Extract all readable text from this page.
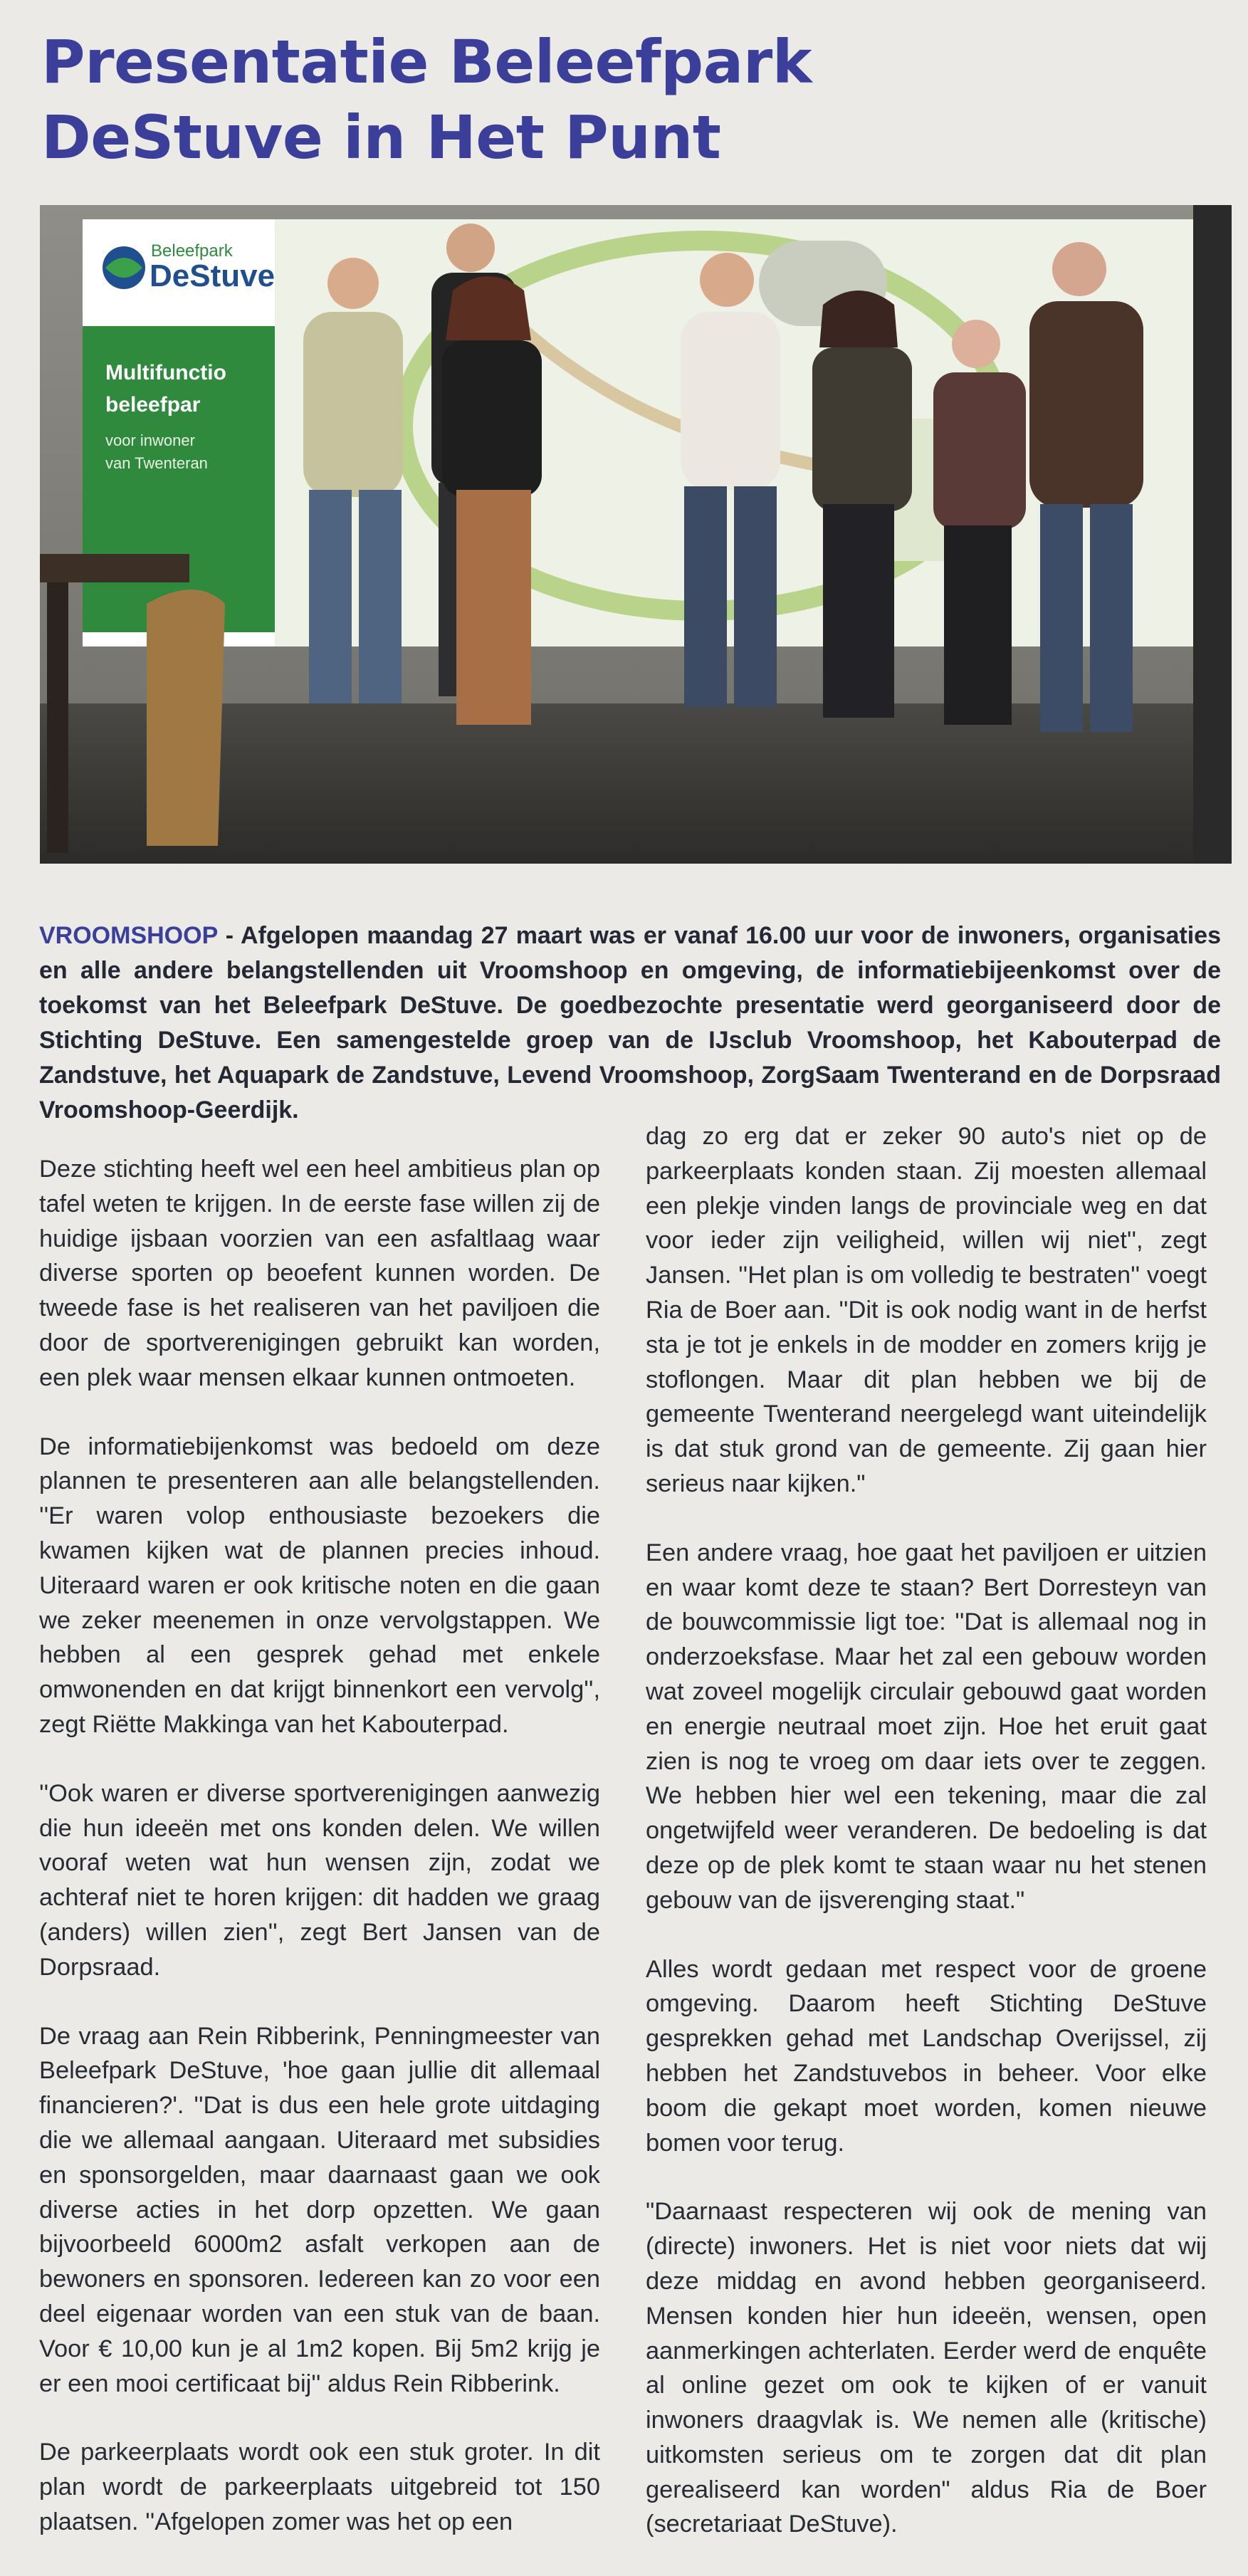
Presentatie Beleefpark DeStuve in Het Punt
Beleefpark
DeStuve
Multifunctio
beleefpar
voor inwoner
van Twenteran

VROOMSHOOP - Afgelopen maandag 27 maart was er vanaf 16.00 uur voor de inwoners, organisaties en alle andere belangstellenden uit Vroomshoop en omgeving, de informatiebijeenkomst over de toekomst van het Beleefpark DeStuve. De goedbezochte presentatie werd georganiseerd door de Stichting DeStuve. Een samengestelde groep van de IJsclub Vroomshoop, het Kabouterpad de Zandstuve, het Aquapark de Zandstuve, Levend Vroomshoop, ZorgSaam Twenterand en de Dorpsraad Vroomshoop-Geerdijk.

Deze stichting heeft wel een heel ambitieus plan op tafel weten te krijgen. In de eerste fase willen zij de huidige ijsbaan voorzien van een asfaltlaag waar diverse sporten op beoefent kunnen worden. De tweede fase is het realiseren van het paviljoen die door de sportverenigingen gebruikt kan worden, een plek waar mensen elkaar kunnen ontmoeten.

De informatiebijenkomst was bedoeld om deze plannen te presenteren aan alle belangstellenden. ''Er waren volop enthousiaste bezoekers die kwamen kijken wat de plannen precies inhoud. Uiteraard waren er ook kritische noten en die gaan we zeker meenemen in onze vervolgstappen. We hebben al een gesprek gehad met enkele omwonenden en dat krijgt binnenkort een vervolg'', zegt Riëtte Makkinga van het Kabouterpad.

''Ook waren er diverse sportverenigingen aanwezig die hun ideeën met ons konden delen. We willen vooraf weten wat hun wensen zijn, zodat we achteraf niet te horen krijgen: dit hadden we graag (anders) willen zien'', zegt Bert Jansen van de Dorpsraad.

De vraag aan Rein Ribberink, Penningmeester van Beleefpark DeStuve, 'hoe gaan jullie dit allemaal financieren?'. ''Dat is dus een hele grote uitdaging die we allemaal aangaan. Uiteraard met subsidies en sponsorgelden, maar daarnaast gaan we ook diverse acties in het dorp opzetten. We gaan bijvoorbeeld 6000m2 asfalt verkopen aan de bewoners en sponsoren. Iedereen kan zo voor een deel eigenaar worden van een stuk van de baan. Voor € 10,00 kun je al 1m2 kopen. Bij 5m2 krijg je er een mooi certificaat bij'' aldus Rein Ribberink.

De parkeerplaats wordt ook een stuk groter. In dit plan wordt de parkeerplaats uitgebreid tot 150 plaatsen. ''Afgelopen zomer was het op een

dag zo erg dat er zeker 90 auto's niet op de parkeerplaats konden staan. Zij moesten allemaal een plekje vinden langs de provinciale weg en dat voor ieder zijn veiligheid, willen wij niet'', zegt Jansen. ''Het plan is om volledig te bestraten'' voegt Ria de Boer aan. ''Dit is ook nodig want in de herfst sta je tot je enkels in de modder en zomers krijg je stoflongen. Maar dit plan hebben we bij de gemeente Twenterand neergelegd want uiteindelijk is dat stuk grond van de gemeente. Zij gaan hier serieus naar kijken."

Een andere vraag, hoe gaat het paviljoen er uitzien en waar komt deze te staan? Bert Dorresteyn van de bouwcommissie ligt toe: ''Dat is allemaal nog in onderzoeksfase. Maar het zal een gebouw worden wat zoveel mogelijk circulair gebouwd gaat worden en energie neutraal moet zijn. Hoe het eruit gaat zien is nog te vroeg om daar iets over te zeggen. We hebben hier wel een tekening, maar die zal ongetwijfeld weer veranderen. De bedoeling is dat deze op de plek komt te staan waar nu het stenen gebouw van de ijsverenging staat."

Alles wordt gedaan met respect voor de groene omgeving. Daarom heeft Stichting DeStuve gesprekken gehad met Landschap Overijssel, zij hebben het Zandstuvebos in beheer. Voor elke boom die gekapt moet worden, komen nieuwe bomen voor terug.

"Daarnaast respecteren wij ook de mening van (directe) inwoners. Het is niet voor niets dat wij deze middag en avond hebben georganiseerd. Mensen konden hier hun ideeën, wensen, open aanmerkingen achterlaten. Eerder werd de enquête al online gezet om ook te kijken of er vanuit inwoners draagvlak is. We nemen alle (kritische) uitkomsten serieus om te zorgen dat dit plan gerealiseerd kan worden" aldus Ria de Boer (secretariaat DeStuve).
